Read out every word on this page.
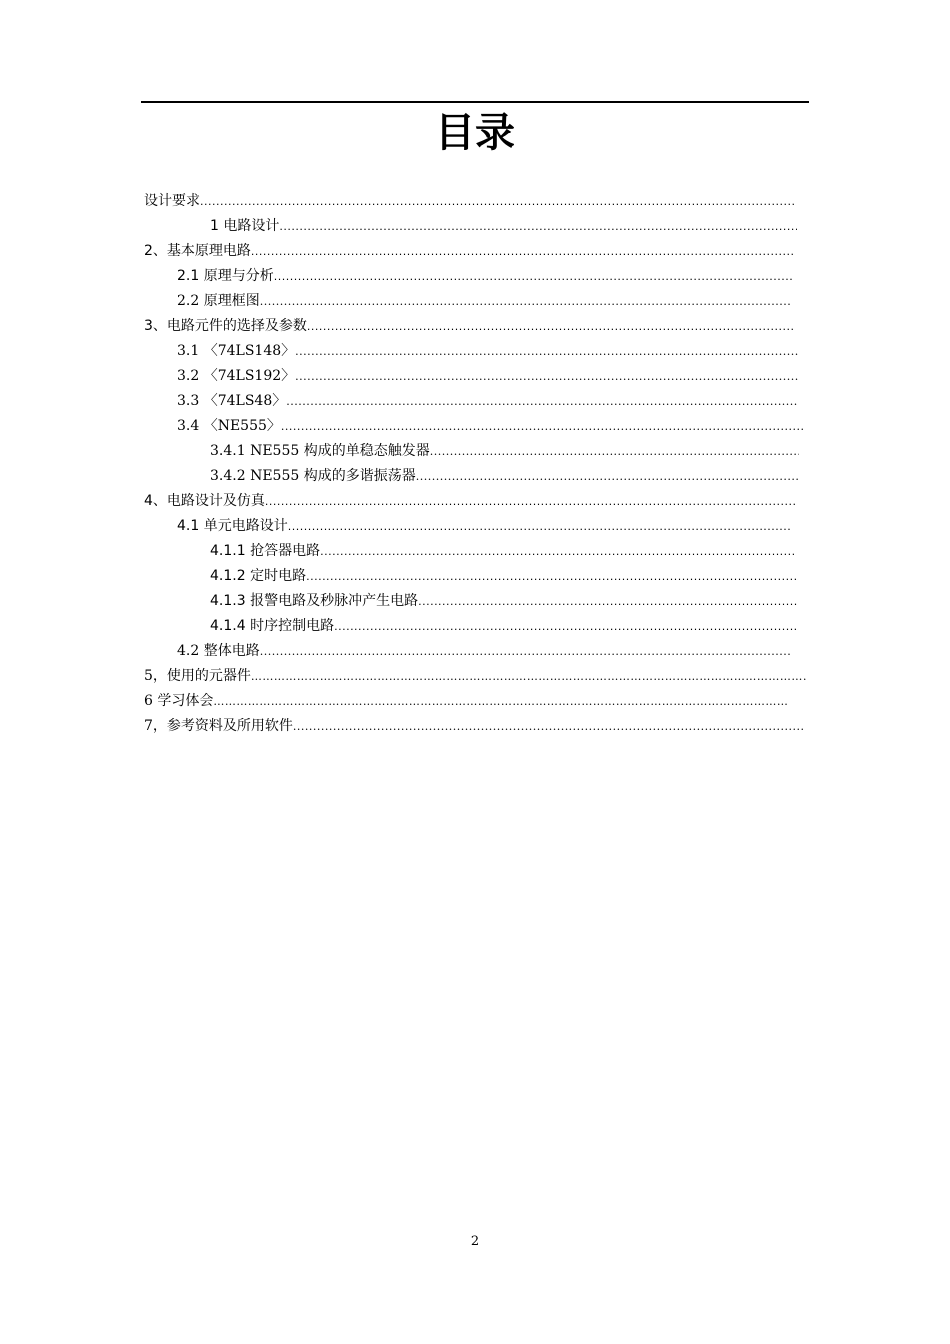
目录
设计要求
.....
1 电路设计
.....
2、基本原理电路
.....
2.1 原理与分析
.....
2.2 原理框图
.....
3、电路元件的选择及参数
.....
3.1 〈74LS148〉
.....
3.2 〈74LS192〉
.....
3.3 〈74LS48〉
.....
3.4 〈NE555〉
.....
3.4.1 NE555 构成的单稳态触发器
.....
3.4.2 NE555 构成的多谐振荡器
.....
4、电路设计及仿真
.....
4.1 单元电路设计
.....
4.1.1 抢答器电路
.....
4.1.2 定时电路
.....
4.1.3 报警电路及秒脉冲产生电路
.....
4.1.4 时序控制电路
.....
4.2 整体电路
.....
5，使用的元器件
……………………………………………………………………………………………………………………………………
6 学习体会
……………………………………………………………………………………………………………………………………
7，参考资料及所用软件
.....
2
